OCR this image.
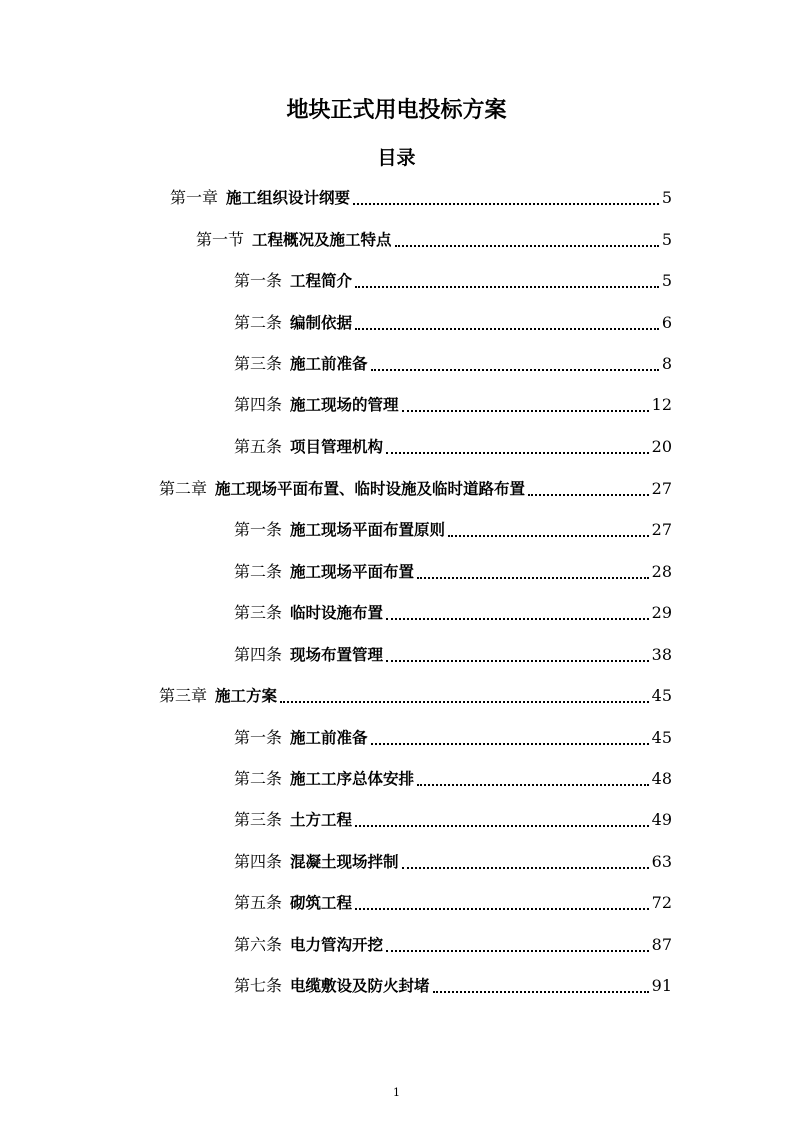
地块正式用电投标方案
目录
第一章 施工组织设计纲要	5
第一节 工程概况及施工特点	5
第一条 工程简介	5
第二条 编制依据	6
第三条 施工前准备	8
第四条 施工现场的管理	12
第五条 项目管理机构	20
第二章 施工现场平面布置、临时设施及临时道路布置	27
第一条 施工现场平面布置原则	27
第二条 施工现场平面布置	28
第三条 临时设施布置	29
第四条 现场布置管理	38
第三章 施工方案	45
第一条 施工前准备	45
第二条 施工工序总体安排	48
第三条 土方工程	49
第四条 混凝土现场拌制	63
第五条 砌筑工程	72
第六条 电力管沟开挖	87
第七条 电缆敷设及防火封堵	91
1
